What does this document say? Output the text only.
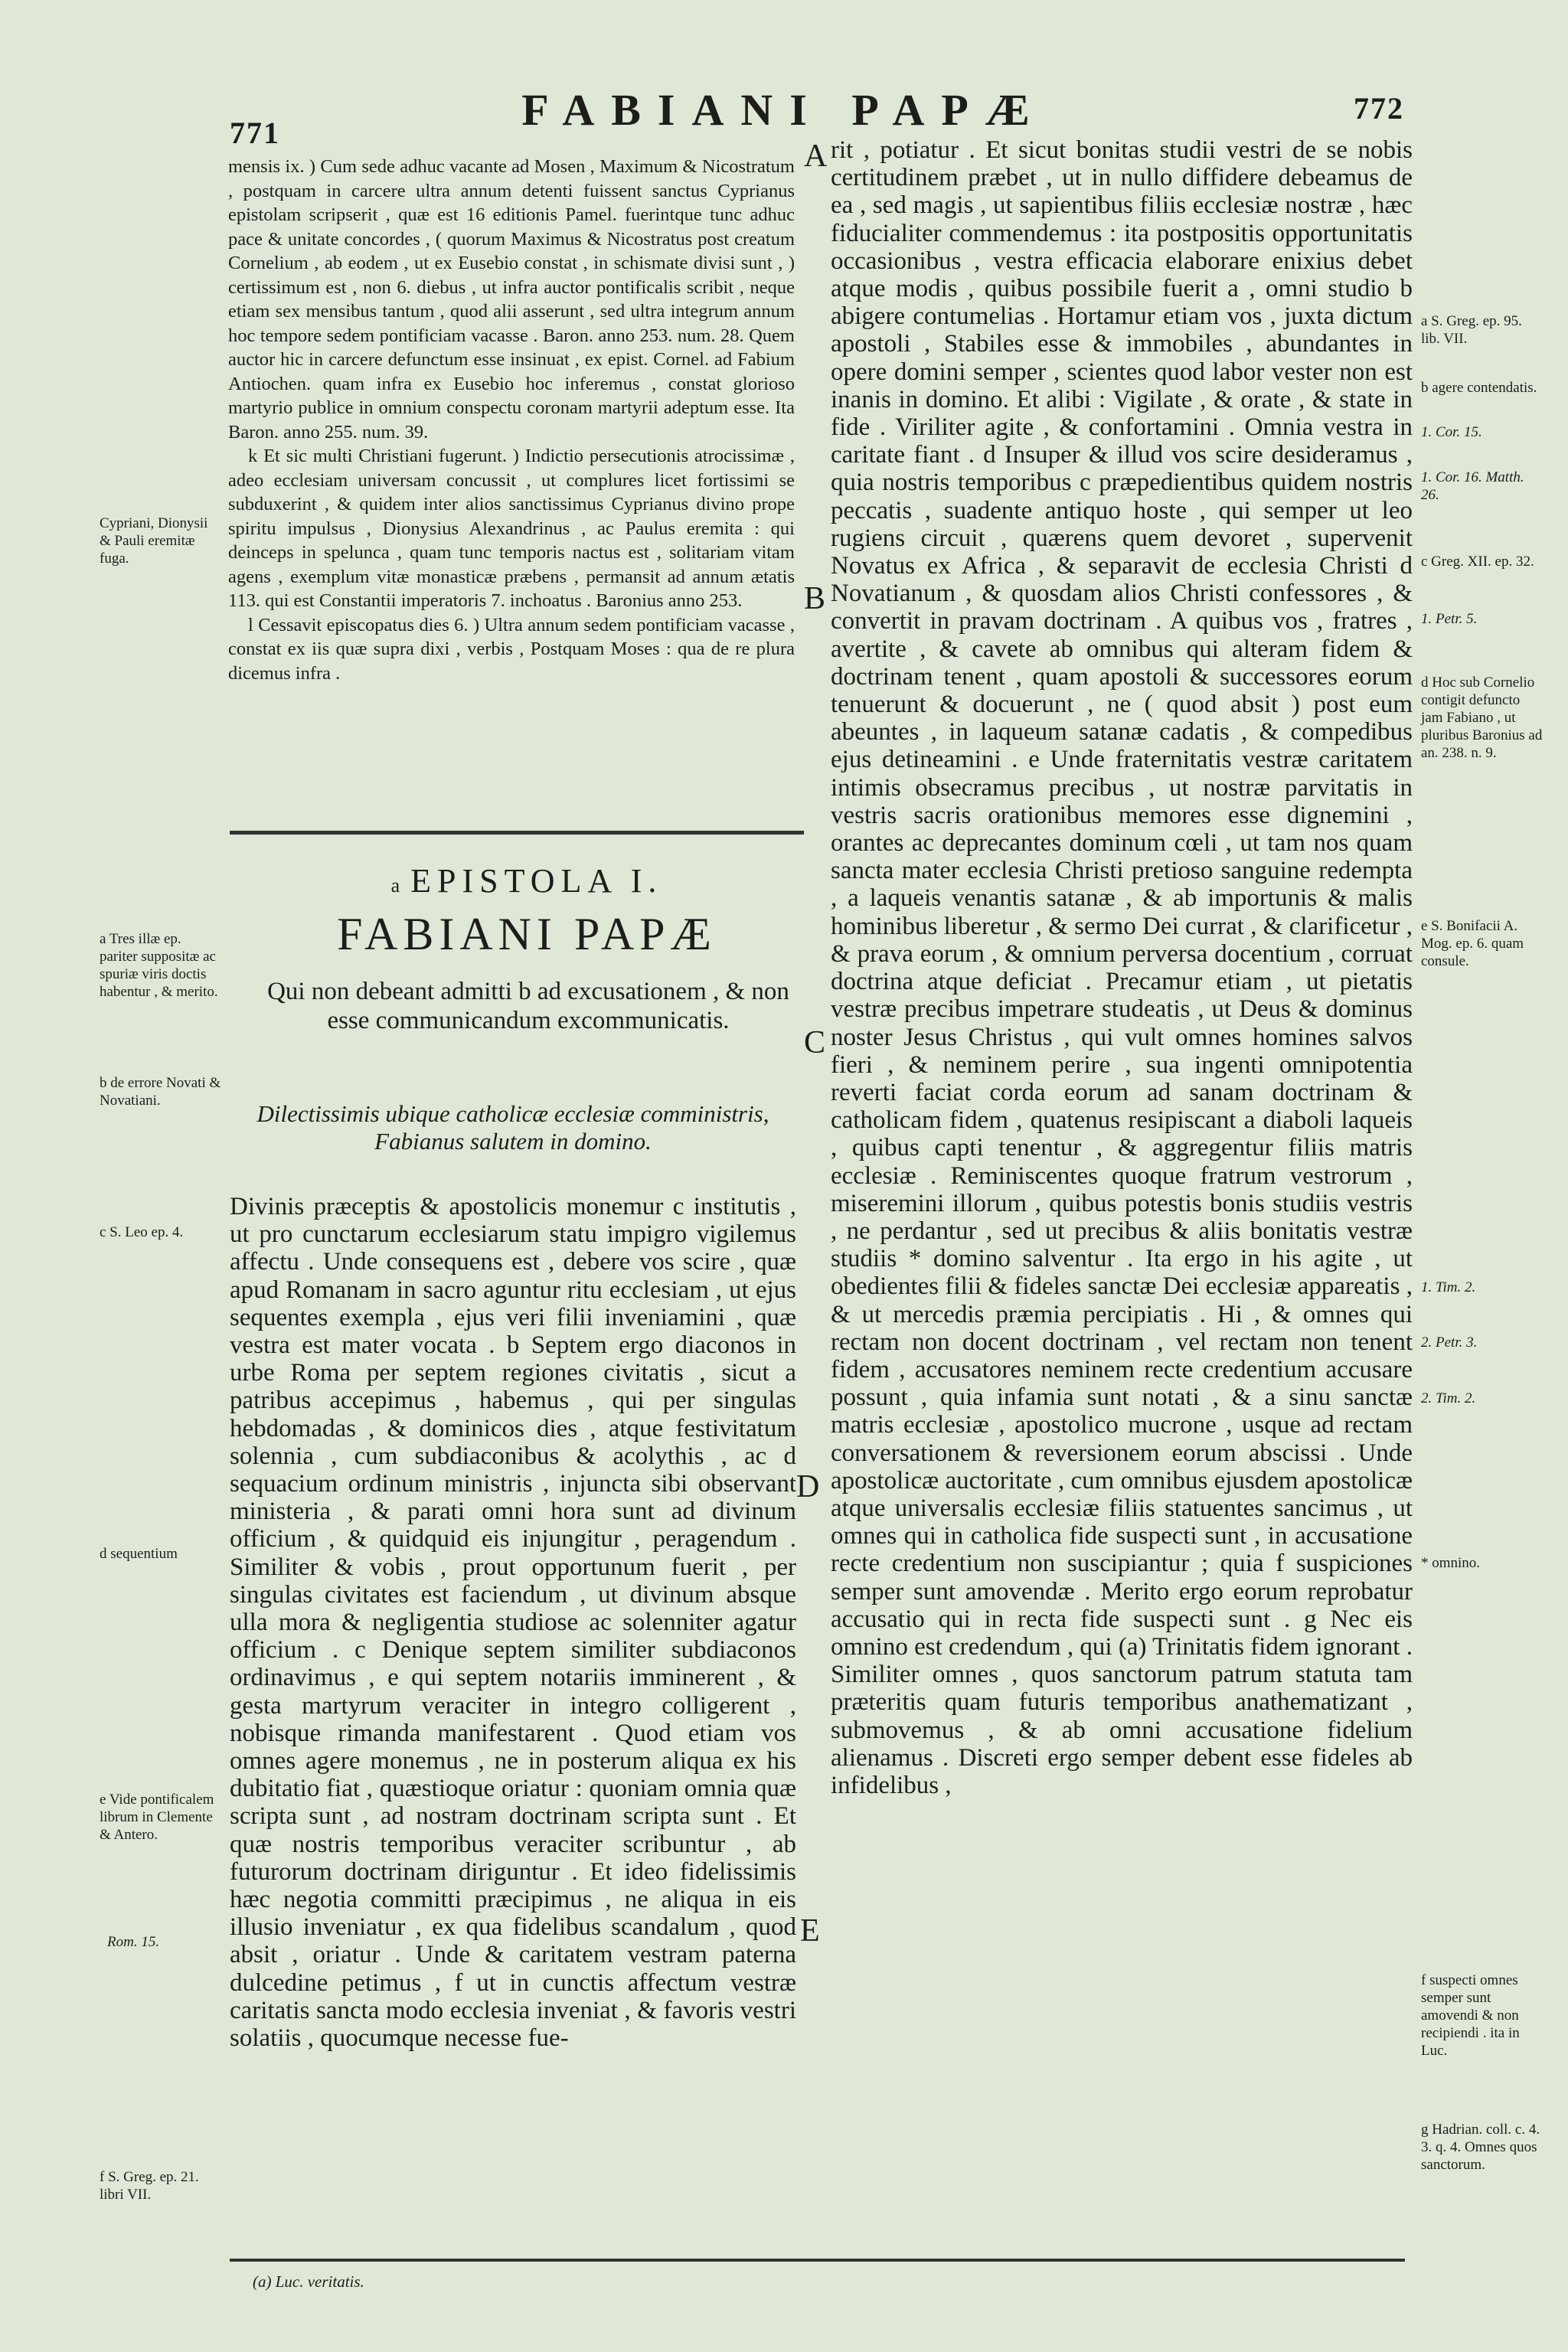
771	FABIANI PAPÆ	772

mensis ix. ) Cum sede adhuc vacante ad Mosen , Maximum & Nicostratum , postquam in carcere ultra annum detenti fuissent sanctus Cyprianus epistolam scripserit , quæ est 16 editionis Pamel. fuerintque tunc adhuc pace & unitate concordes , ( quorum Maximus & Nicostratus post creatum Cornelium , ab eodem , ut ex Eusebio constat , in schismate divisi sunt , ) certissimum est , non 6. diebus , ut infra auctor pontificalis scribit , neque etiam sex mensibus tantum , quod alii asserunt , sed ultra integrum annum hoc tempore sedem pontificiam vacasse . Baron. anno 253. num. 28. Quem auctor hic in carcere defunctum esse insinuat , ex epist. Cornel. ad Fabium Antiochen. quam infra ex Eusebio hoc inferemus , constat glorioso martyrio publice in omnium conspectu coronam martyrii adeptum esse. Ita Baron. anno 255. num. 39.

k Et sic multi Christiani fugerunt. ) Indictio persecutionis atrocissimæ , adeo ecclesiam universam concussit , ut complures licet fortissimi se subduxerint , & quidem inter alios sanctissimus Cyprianus divino prope spiritu impulsus , Dionysius Alexandrinus , ac Paulus eremita : qui deinceps in spelunca , quam tunc temporis nactus est , solitariam vitam agens , exemplum vitæ monasticæ præbens , permansit ad annum ætatis 113. qui est Constantii imperatoris 7. inchoatus . Baronius anno 253.

l Cessavit episcopatus dies 6. ) Ultra annum sedem pontificiam vacasse , constat ex iis quæ supra dixi , verbis , Postquam Moses : qua de re plura dicemus infra .

Cypriani, Dionysii & Pauli eremitæ fuga.
a EPISTOLA I.
FABIANI PAPÆ
Qui non debeant admitti b ad excusationem , & non esse communicandum excommunicatis.
Dilectissimis ubique catholicæ ecclesiæ comministris, Fabianus salutem in domino.

Divinis præceptis & apostolicis monemur c institutis , ut pro cunctarum ecclesiarum statu impigro vigilemus affectu . Unde consequens est , debere vos scire , quæ apud Romanam in sacro aguntur ritu ecclesiam , ut ejus sequentes exempla , ejus veri filii inveniamini , quæ vestra est mater vocata . b Septem ergo diaconos in urbe Roma per septem regiones civitatis , sicut a patribus accepimus , habemus , qui per singulas hebdomadas , & dominicos dies , atque festivitatum solennia , cum subdiaconibus & acolythis , ac d sequacium ordinum ministris , injuncta sibi observant ministeria , & parati omni hora sunt ad divinum officium , & quidquid eis injungitur , peragendum . Similiter & vobis , prout opportunum fuerit , per singulas civitates est faciendum , ut divinum absque ulla mora & negligentia studiose ac solenniter agatur officium . c Denique septem similiter subdiaconos ordinavimus , e qui septem notariis imminerent , & gesta martyrum veraciter in integro colligerent , nobisque rimanda manifestarent . Quod etiam vos omnes agere monemus , ne in posterum aliqua ex his dubitatio fiat , quæstioque oriatur : quoniam omnia quæ scripta sunt , ad nostram doctrinam scripta sunt . Et quæ nostris temporibus veraciter scribuntur , ab futurorum doctrinam diriguntur . Et ideo fidelissimis hæc negotia committi præcipimus , ne aliqua in eis illusio inveniatur , ex qua fidelibus scandalum , quod absit , oriatur . Unde & caritatem vestram paterna dulcedine petimus , f ut in cunctis affectum vestræ caritatis sancta modo ecclesia inveniat , & favoris vestri solatiis , quocumque necesse fue-

a Tres illæ ep. pariter suppositæ ac spuriæ viris doctis habentur , & merito.
b de errore Novati & Novatiani.
c S. Leo ep. 4.
d sequentium
e Vide pontificalem librum in Clemente & Antero.
Rom. 15.
f S. Greg. ep. 21. libri VII.
A
B
C
D
E

rit , potiatur . Et sicut bonitas studii vestri de se nobis certitudinem præbet , ut in nullo diffidere debeamus de ea , sed magis , ut sapientibus filiis ecclesiæ nostræ , hæc fiducialiter commendemus : ita postpositis opportunitatis occasionibus , vestra efficacia elaborare enixius debet atque modis , quibus possibile fuerit a , omni studio b abigere contumelias . Hortamur etiam vos , juxta dictum apostoli , Stabiles esse & immobiles , abundantes in opere domini semper , scientes quod labor vester non est inanis in domino. Et alibi : Vigilate , & orate , & state in fide . Viriliter agite , & confortamini . Omnia vestra in caritate fiant . d Insuper & illud vos scire desideramus , quia nostris temporibus c præpedientibus quidem nostris peccatis , suadente antiquo hoste , qui semper ut leo rugiens circuit , quærens quem devoret , supervenit Novatus ex Africa , & separavit de ecclesia Christi d Novatianum , & quosdam alios Christi confessores , & convertit in pravam doctrinam . A quibus vos , fratres , avertite , & cavete ab omnibus qui alteram fidem & doctrinam tenent , quam apostoli & successores eorum tenuerunt & docuerunt , ne ( quod absit ) post eum abeuntes , in laqueum satanæ cadatis , & compedibus ejus detineamini . e Unde fraternitatis vestræ caritatem intimis obsecramus precibus , ut nostræ parvitatis in vestris sacris orationibus memores esse dignemini , orantes ac deprecantes dominum cœli , ut tam nos quam sancta mater ecclesia Christi pretioso sanguine redempta , a laqueis venantis satanæ , & ab importunis & malis hominibus liberetur , & sermo Dei currat , & clarificetur , & prava eorum , & omnium perversa docentium , corruat doctrina atque deficiat . Precamur etiam , ut pietatis vestræ precibus impetrare studeatis , ut Deus & dominus noster Jesus Christus , qui vult omnes homines salvos fieri , & neminem perire , sua ingenti omnipotentia reverti faciat corda eorum ad sanam doctrinam & catholicam fidem , quatenus resipiscant a diaboli laqueis , quibus capti tenentur , & aggregentur filiis matris ecclesiæ . Reminiscentes quoque fratrum vestrorum , miseremini illorum , quibus potestis bonis studiis vestris , ne perdantur , sed ut precibus & aliis bonitatis vestræ studiis * domino salventur . Ita ergo in his agite , ut obedientes filii & fideles sanctæ Dei ecclesiæ appareatis , & ut mercedis præmia percipiatis . Hi , & omnes qui rectam non docent doctrinam , vel rectam non tenent fidem , accusatores neminem recte credentium accusare possunt , quia infamia sunt notati , & a sinu sanctæ matris ecclesiæ , apostolico mucrone , usque ad rectam conversationem & reversionem eorum abscissi . Unde apostolicæ auctoritate , cum omnibus ejusdem apostolicæ atque universalis ecclesiæ filiis statuentes sancimus , ut omnes qui in catholica fide suspecti sunt , in accusatione recte credentium non suscipiantur ; quia f suspiciones semper sunt amovendæ . Merito ergo eorum reprobatur accusatio qui in recta fide suspecti sunt . g Nec eis omnino est credendum , qui (a) Trinitatis fidem ignorant . Similiter omnes , quos sanctorum patrum statuta tam præteritis quam futuris temporibus anathematizant , submovemus , & ab omni accusatione fidelium alienamus . Discreti ergo semper debent esse fideles ab infidelibus ,

a S. Greg. ep. 95. lib. VII.
b agere contendatis.
1. Cor. 15.
1. Cor. 16. Matth. 26.
c Greg. XII. ep. 32.
1. Petr. 5.
d Hoc sub Cornelio contigit defuncto jam Fabiano , ut pluribus Baronius ad an. 238. n. 9.
e S. Bonifacii A. Mog. ep. 6. quam consule.
1. Tim. 2.
2. Petr. 3.
2. Tim. 2.
* omnino.
f suspecti omnes semper sunt amovendi & non recipiendi . ita in Luc.
g Hadrian. coll. c. 4. 3. q. 4. Omnes quos sanctorum.
(a) Luc. veritatis.
